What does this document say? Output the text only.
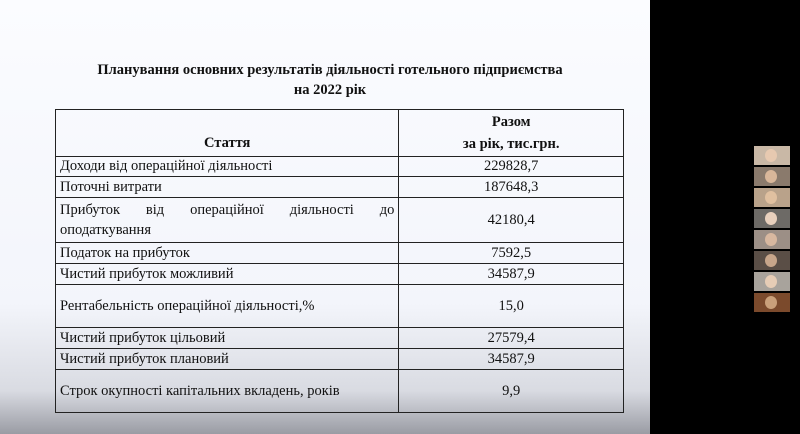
Планування основних результатів діяльності готельного підприємства
на 2022 рік
Стаття	Разом
за рік, тис.грн.

Доходи від операційної діяльності	229828,7
Поточні витрати	187648,3
Прибуток від операційної діяльності до оподаткування	42180,4
Податок на прибуток	7592,5
Чистий прибуток можливий	34587,9
Рентабельність операційної діяльності,%	15,0
Чистий прибуток цільовий	27579,4
Чистий прибуток плановий	34587,9
Строк окупності капітальних вкладень, років	9,9
